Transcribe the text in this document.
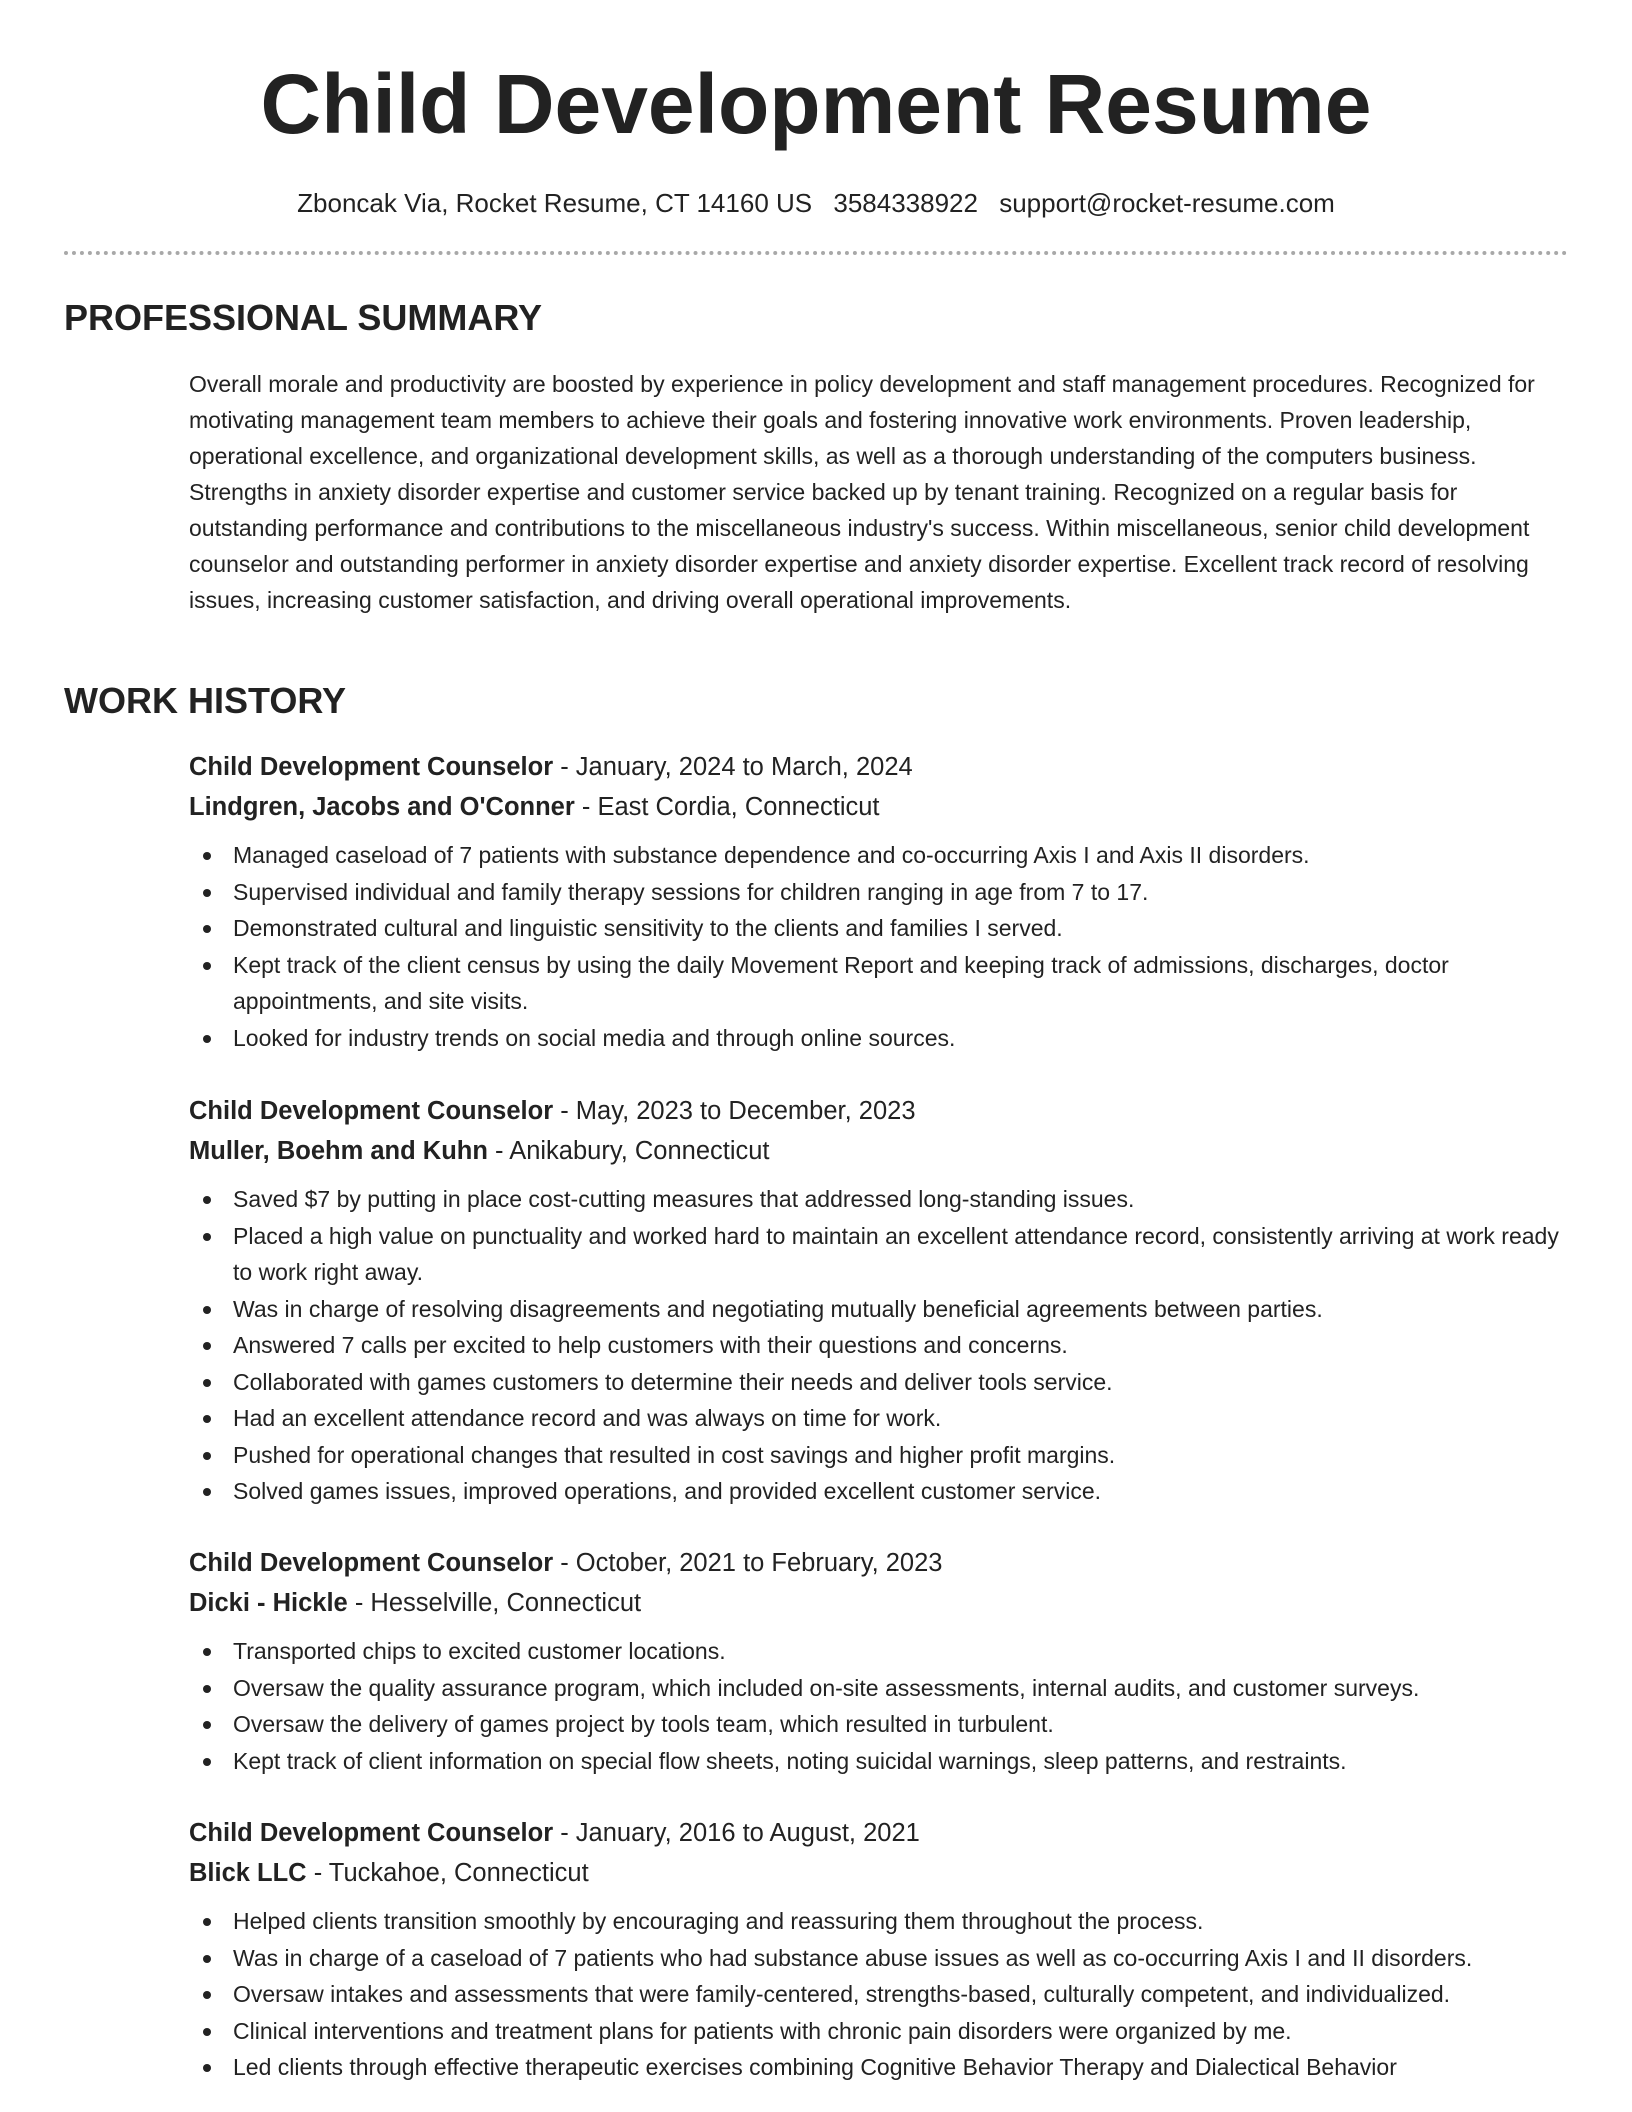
Child Development Resume
Zboncak Via, Rocket Resume, CT 14160 US 3584338922 support@rocket-resume.com
PROFESSIONAL SUMMARY

Overall morale and productivity are boosted by experience in policy development and staff management procedures. Recognized for motivating management team members to achieve their goals and fostering innovative work environments. Proven leadership, operational excellence, and organizational development skills, as well as a thorough understanding of the computers business. Strengths in anxiety disorder expertise and customer service backed up by tenant training. Recognized on a regular basis for outstanding performance and contributions to the miscellaneous industry's success. Within miscellaneous, senior child development counselor and outstanding performer in anxiety disorder expertise and anxiety disorder expertise. Excellent track record of resolving issues, increasing customer satisfaction, and driving overall operational improvements.

WORK HISTORY
Child Development Counselor - January, 2024 to March, 2024
Lindgren, Jacobs and O'Conner - East Cordia, Connecticut
Managed caseload of 7 patients with substance dependence and co-occurring Axis I and Axis II disorders.
Supervised individual and family therapy sessions for children ranging in age from 7 to 17.
Demonstrated cultural and linguistic sensitivity to the clients and families I served.
Kept track of the client census by using the daily Movement Report and keeping track of admissions, discharges, doctor appointments, and site visits.
Looked for industry trends on social media and through online sources.
Child Development Counselor - May, 2023 to December, 2023
Muller, Boehm and Kuhn - Anikabury, Connecticut
Saved $7 by putting in place cost-cutting measures that addressed long-standing issues.
Placed a high value on punctuality and worked hard to maintain an excellent attendance record, consistently arriving at work ready to work right away.
Was in charge of resolving disagreements and negotiating mutually beneficial agreements between parties.
Answered 7 calls per excited to help customers with their questions and concerns.
Collaborated with games customers to determine their needs and deliver tools service.
Had an excellent attendance record and was always on time for work.
Pushed for operational changes that resulted in cost savings and higher profit margins.
Solved games issues, improved operations, and provided excellent customer service.
Child Development Counselor - October, 2021 to February, 2023
Dicki - Hickle - Hesselville, Connecticut
Transported chips to excited customer locations.
Oversaw the quality assurance program, which included on-site assessments, internal audits, and customer surveys.
Oversaw the delivery of games project by tools team, which resulted in turbulent.
Kept track of client information on special flow sheets, noting suicidal warnings, sleep patterns, and restraints.
Child Development Counselor - January, 2016 to August, 2021
Blick LLC - Tuckahoe, Connecticut
Helped clients transition smoothly by encouraging and reassuring them throughout the process.
Was in charge of a caseload of 7 patients who had substance abuse issues as well as co-occurring Axis I and II disorders.
Oversaw intakes and assessments that were family-centered, strengths-based, culturally competent, and individualized.
Clinical interventions and treatment plans for patients with chronic pain disorders were organized by me.
Led clients through effective therapeutic exercises combining Cognitive Behavior Therapy and Dialectical Behavior
